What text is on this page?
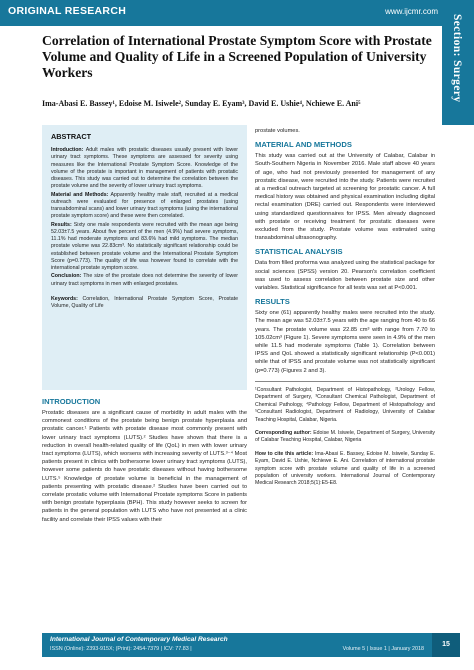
ORIGINAL RESEARCH	www.ijcmr.com
Section: Surgery
Correlation of International Prostate Symptom Score with Prostate Volume and Quality of Life in a Screened Population of University Workers
Ima-Abasi E. Bassey¹, Edoise M. Isiwele², Sunday E. Eyam³, David E. Ushie⁴, Nchiewe E. Ani⁵
ABSTRACT

Introduction: Adult males with prostatic diseases usually present with lower urinary tract symptoms. These symptoms are assessed for severity using measures like the International Prostate Symptom Score. Knowledge of the volume of the prostate is important in management of patients with prostatic diseases. This study was carried out to determine the correlation between the prostate volume and the severity of lower urinary tract symptoms.

Material and Methods: Apparently healthy male staff, recruited at a medical outreach were evaluated for presence of enlarged prostates (using transabdominal scans) and lower urinary tract symptoms (using the international prostate symptom score) and these were then correlated.

Results: Sixty one male respondents were recruited with the mean age being 52.03±7.5 years. About five percent of the men (4.9%) had severe symptoms, 11.1% had moderate symptoms and 83.6% had mild symptoms. The median prostate volume was 22.83cm³. No statistically significant relationship could be established between prostate volume and the International Prostate Symptom Score (p=0.773). The quality of life was however found to correlate with the international prostate symptom score.

Conclusion: The size of the prostate does not determine the severity of lower urinary tract symptoms in men with enlarged prostates.

Keywords: Correlation, International Prostate Symptom Score, Prostate Volume, Quality of Life

INTRODUCTION

Prostatic diseases are a significant cause of morbidity in adult males with the commonest conditions of the prostate being benign prostate hyperplasia and prostatic cancer.¹ Patients with prostate disease most commonly present with lower urinary tract symptoms (LUTS).² Studies have shown that there is a reduction in overall health-related quality of life (QoL) in men with lower urinary tract symptoms (LUTS), which worsens with increasing severity of LUTS.³⁻⁴ Most patients present in clinics with bothersome lower urinary tract symptoms (LUTS), however some patients do have prostatic diseases without having bothersome LUTS.⁵ Knowledge of prostate volume is beneficial in the management of patients presenting with prostatic disease.² Studies have been carried out to correlate prostatic volume with International Prostate symptoms Score in patients with benign prostate hyperplasia (BPH). This study however seeks to screen for patients in the general population with LUTS who have not presented at a clinic facility and correlate their IPSS values with their

prostate volumes.

MATERIAL AND METHODS

This study was carried out at the University of Calabar, Calabar in South-Southern Nigeria in November 2016. Male staff above 40 years of age, who had not previously presented for management of any prostatic disease, were recruited into the study. Patients were recruited at a medical outreach targeted at screening for prostatic cancer. A full medical history was obtained and physical examination including digital rectal examination (DRE) carried out. Respondents were interviewed using standardized questionnaires for IPSS. Men already diagnosed with prostate or receiving treatment for prostatic diseases were excluded from the study. Prostate volume was estimated using transabdominal ultrasonography.

STATISTICAL ANALYSIS

Data from filled proforma was analyzed using the statistical package for social sciences (SPSS) version 20. Pearson's correlation coefficient was used to assess correlation between prostate size and other variables. Statistical significance for all tests was set at P<0.001.

RESULTS

Sixty one (61) apparently healthy males were recruited into the study. The mean age was 52.03±7.5 years with the age ranging from 40 to 66 years. The prostate volume was 22.85 cm³ with range from 7.70 to 105.02cm³ (Figure 1). Severe symptoms were seen in 4.9% of the men while 11.5 had moderate symptoms (Table 1). Correlation between IPSS and QoL showed a statistically significant relationship (P<0.001) while that of IPSS and prostate volume was not statistically significant (p=0.773) (Figures 2 and 3).

¹Consultant Pathologist, Department of Histopathology, ²Urology Fellow, Department of Surgery, ³Consultant Chemical Pathologist, Department of Chemical Pathology, ⁴Pathology Fellow, Department of Histopathology and ⁵Consultant Radiologist, Department of Radiology, University of Calabar Teaching Hospital, Calabar, Nigeria.

Corresponding author: Edoise M. Isiwele, Department of Surgery, University of Calabar Teaching Hospital, Calabar, Nigeria

How to cite this article: Ima-Abasi E. Bassey, Edoise M. Isiwele, Sunday E. Eyam, David E. Ushie, Nchiewe E. Ani. Correlation of international prostate symptom score with prostate volume and quality of life in a screened population of university workers. International Journal of Contemporary Medical Research 2018;5(1):E5-E8.

International Journal of Contemporary Medical Research
ISSN (Online): 2393-915X; (Print): 2454-7379 | ICV: 77.83 |	Volume 5 | Issue 1 | January 2018
15
